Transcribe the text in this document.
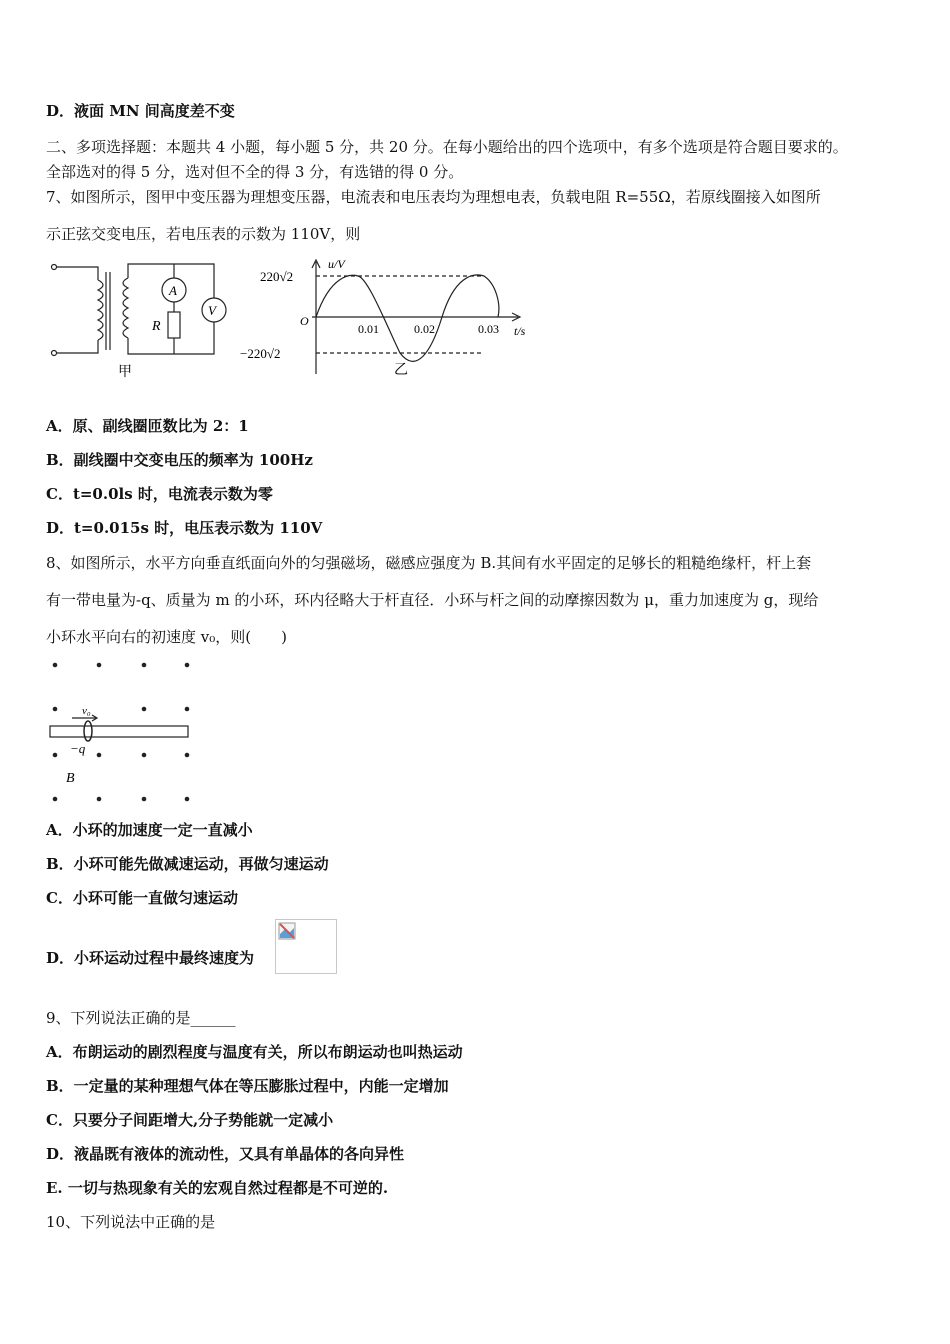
D．液面 MN 间高度差不变
二、多项选择题：本题共 4 小题，每小题 5 分，共 20 分。在每小题给出的四个选项中，有多个选项是符合题目要求的。
全部选对的得 5 分，选对但不全的得 3 分，有选错的得 0 分。
7、如图所示，图甲中变压器为理想变压器，电流表和电压表均为理想电表，负载电阻 R=55Ω，若原线圈接入如图所
示正弦交变电压，若电压表的示数为 110V，则
A
V
R
甲
u/V
220√2
−220√2
O
0.01	0.02	0.03 t/s
乙
A．原、副线圈匝数比为 2：1
B．副线圈中交变电压的频率为 100Hz
C．t=0.0ls 时，电流表示数为零
D．t=0.015s 时，电压表示数为 110V
8、如图所示，水平方向垂直纸面向外的匀强磁场，磁感应强度为 B.其间有水平固定的足够长的粗糙绝缘杆，杆上套
有一带电量为-q、质量为 m 的小环，环内径略大于杆直径．小环与杆之间的动摩擦因数为 μ，重力加速度为 g，现给
小环水平向右的初速度 v₀，则(　　)
v₀
−q
B
A．小环的加速度一定一直减小
B．小环可能先做减速运动，再做匀速运动
C．小环可能一直做匀速运动
D．小环运动过程中最终速度为
9、下列说法正确的是______
A．布朗运动的剧烈程度与温度有关，所以布朗运动也叫热运动
B．一定量的某种理想气体在等压膨胀过程中，内能一定增加
C．只要分子间距增大,分子势能就一定减小
D．液晶既有液体的流动性，又具有单晶体的各向异性
E. 一切与热现象有关的宏观自然过程都是不可逆的.
10、下列说法中正确的是
